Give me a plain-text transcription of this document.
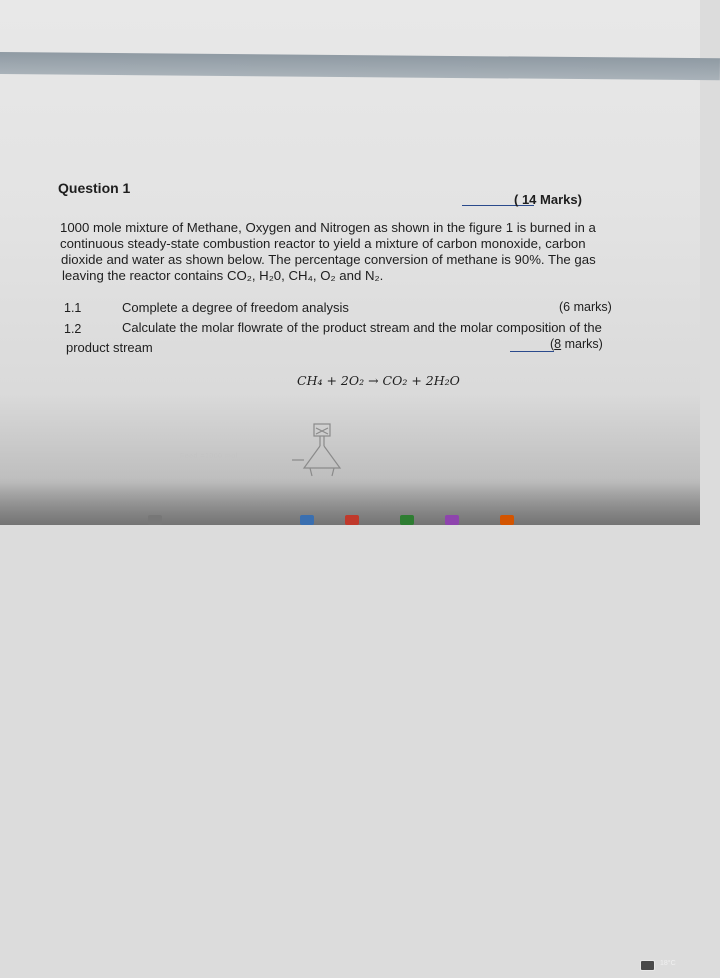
Question 1
( 14 Marks)
1000 mole mixture of Methane, Oxygen and Nitrogen as shown in the figure 1 is burned in a
continuous steady-state combustion reactor to yield a mixture of carbon monoxide, carbon
dioxide and water as shown below. The percentage conversion of methane is 90%. The gas
leaving the reactor contains CO₂, H₂0, CH₄, O₂ and N₂.
1.1	Complete a degree of freedom analysis	(6 marks)
1.2	Calculate the molar flowrate of the product stream and the molar composition of the
product stream	(8 marks)
CH₄ + 2O₂ → CO₂ + 2H₂O
Feed =1000 mol
18°C
